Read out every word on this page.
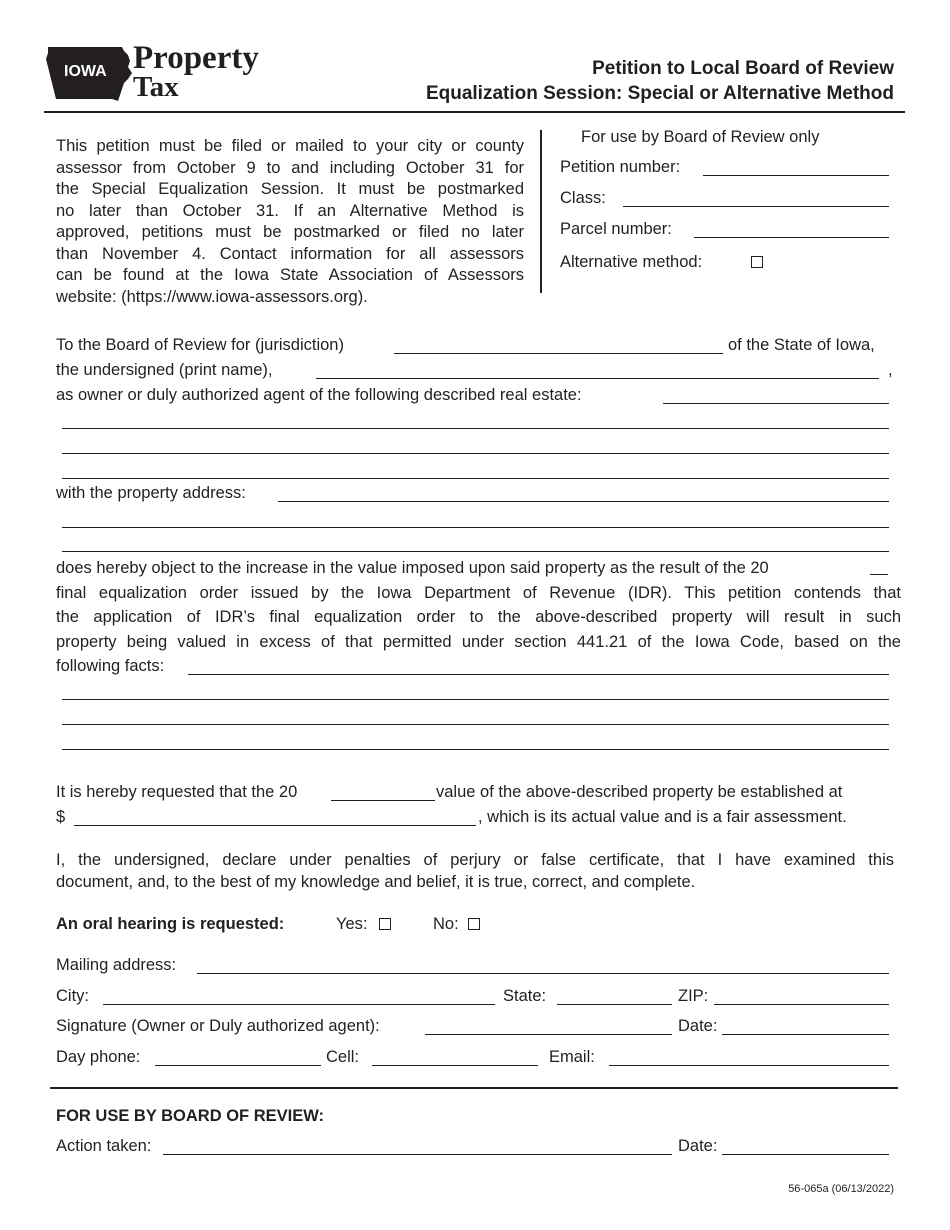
IOWA Property
Tax
Petition to Local Board of Review
Equalization Session: Special or Alternative Method
This petition must be filed or mailed to your city or county
assessor from October 9 to and including October 31 for
the Special Equalization Session. It must be postmarked
no later than October 31. If an Alternative Method is
approved, petitions must be postmarked or filed no later
than November 4. Contact information for all assessors
can be found at the Iowa State Association of Assessors
website: (https://www.iowa-assessors.org).
For use by Board of Review only
Petition number:
Class:
Parcel number:
Alternative method:
To the Board of Review for (jurisdiction)	of the State of Iowa,
the undersigned (print name),	,
as owner or duly authorized agent of the following described real estate:
with the property address:
does hereby object to the increase in the value imposed upon said property as the result of the 20
final equalization order issued by the Iowa Department of Revenue (IDR). This petition contends that
the application of IDR’s final equalization order to the above-described property will result in such
property being valued in excess of that permitted under section 441.21 of the Iowa Code, based on the
following facts:
It is hereby requested that the 20	value of the above-described property be established at
$	, which is its actual value and is a fair assessment.
I, the undersigned, declare under penalties of perjury or false certificate, that I have examined this
document, and, to the best of my knowledge and belief, it is true, correct, and complete.
An oral hearing is requested:	Yes:	No:
Mailing address:
City:	State:	ZIP:
Signature (Owner or Duly authorized agent):	Date:
Day phone:	Cell:	Email:
FOR USE BY BOARD OF REVIEW:
Action taken:	Date:
56-065a (06/13/2022)
